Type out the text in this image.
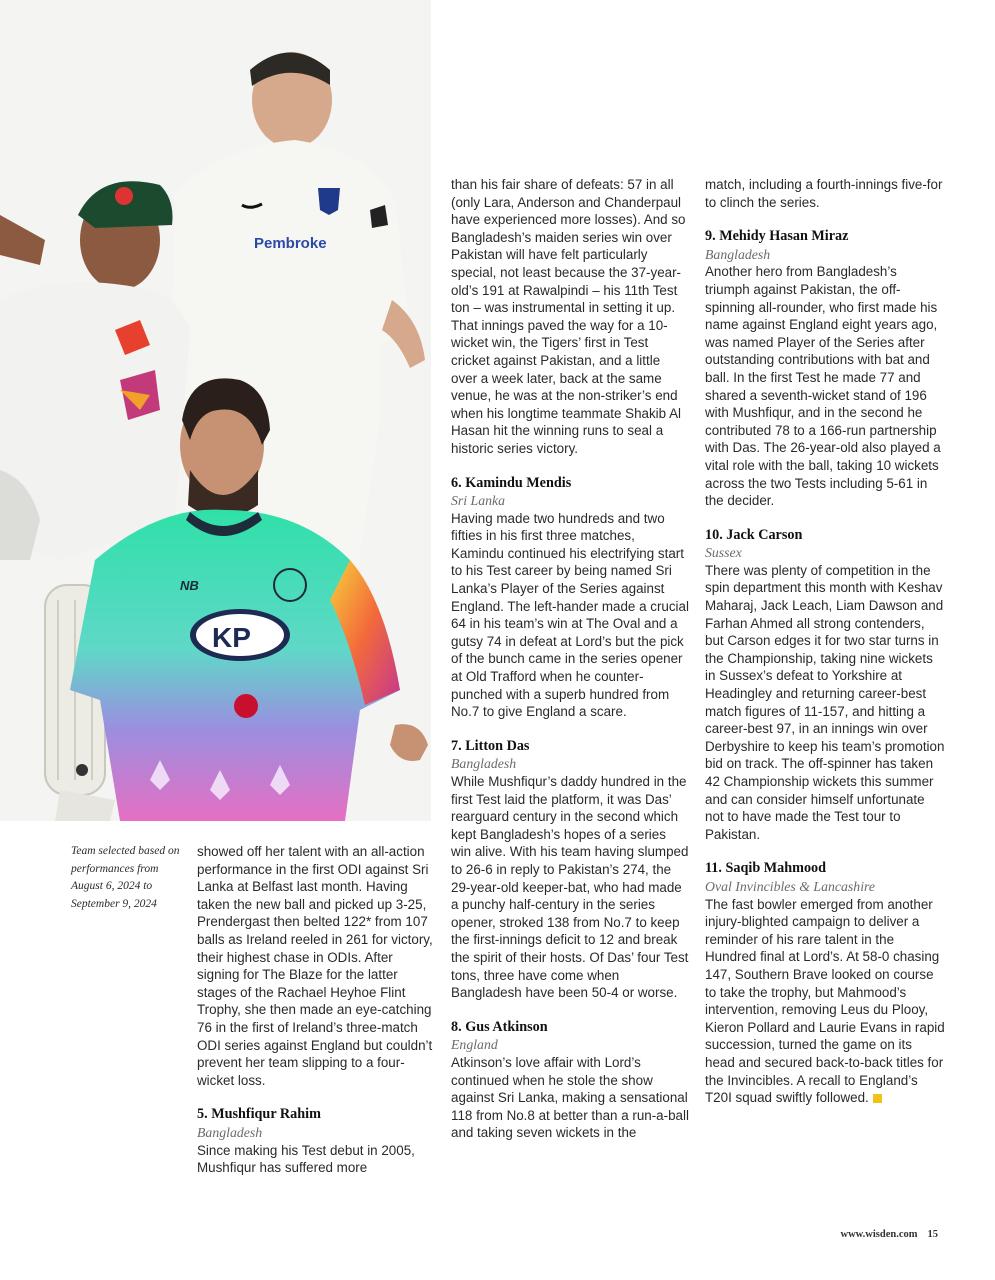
Pembroke
KP
NB
Team selected based on performances from August 6, 2024 to September 9, 2024

showed off her talent with an all-action performance in the first ODI against Sri Lanka at Belfast last month. Having taken the new ball and picked up 3-25, Prendergast then belted 122* from 107 balls as Ireland reeled in 261 for victory, their highest chase in ODIs. After signing for The Blaze for the latter stages of the Rachael Heyhoe Flint Trophy, she then made an eye-catching 76 in the first of Ireland’s three-match ODI series against England but couldn’t prevent her team slipping to a four-wicket loss.

5. Mushfiqur Rahim

Bangladesh

Since making his Test debut in 2005, Mushfiqur has suffered more

than his fair share of defeats: 57 in all (only Lara, Anderson and Chanderpaul have experienced more losses). And so Bangladesh’s maiden series win over Pakistan will have felt particularly special, not least because the 37-year-old’s 191 at Rawalpindi – his 11th Test ton – was instrumental in setting it up. That innings paved the way for a 10-wicket win, the Tigers’ first in Test cricket against Pakistan, and a little over a week later, back at the same venue, he was at the non-striker’s end when his longtime teammate Shakib Al Hasan hit the winning runs to seal a historic series victory.

6. Kamindu Mendis

Sri Lanka

Having made two hundreds and two fifties in his first three matches, Kamindu continued his electrifying start to his Test career by being named Sri Lanka’s Player of the Series against England. The left-hander made a crucial 64 in his team’s win at The Oval and a gutsy 74 in defeat at Lord’s but the pick of the bunch came in the series opener at Old Trafford when he counter-punched with a superb hundred from No.7 to give England a scare.

7. Litton Das

Bangladesh

While Mushfiqur’s daddy hundred in the first Test laid the platform, it was Das’ rearguard century in the second which kept Bangladesh’s hopes of a series win alive. With his team having slumped to 26-6 in reply to Pakistan’s 274, the 29-year-old keeper-bat, who had made a punchy half-century in the series opener, stroked 138 from No.7 to keep the first-innings deficit to 12 and break the spirit of their hosts. Of Das’ four Test tons, three have come when Bangladesh have been 50-4 or worse.

8. Gus Atkinson

England

Atkinson’s love affair with Lord’s continued when he stole the show against Sri Lanka, making a sensational 118 from No.8 at better than a run-a-ball and taking seven wickets in the

match, including a fourth-innings five-for to clinch the series.

9. Mehidy Hasan Miraz

Bangladesh

Another hero from Bangladesh’s triumph against Pakistan, the off-spinning all-rounder, who first made his name against England eight years ago, was named Player of the Series after outstanding contributions with bat and ball. In the first Test he made 77 and shared a seventh-wicket stand of 196 with Mushfiqur, and in the second he contributed 78 to a 166-run partnership with Das. The 26-year-old also played a vital role with the ball, taking 10 wickets across the two Tests including 5-61 in the decider.

10. Jack Carson

Sussex

There was plenty of competition in the spin department this month with Keshav Maharaj, Jack Leach, Liam Dawson and Farhan Ahmed all strong contenders, but Carson edges it for two star turns in the Championship, taking nine wickets in Sussex’s defeat to Yorkshire at Headingley and returning career-best match figures of 11-157, and hitting a career-best 97, in an innings win over Derbyshire to keep his team’s promotion bid on track. The off-spinner has taken 42 Championship wickets this summer and can consider himself unfortunate not to have made the Test tour to Pakistan.

11. Saqib Mahmood

Oval Invincibles & Lancashire

The fast bowler emerged from another injury-blighted campaign to deliver a reminder of his rare talent in the Hundred final at Lord’s. At 58-0 chasing 147, Southern Brave looked on course to take the trophy, but Mahmood’s intervention, removing Leus du Plooy, Kieron Pollard and Laurie Evans in rapid succession, turned the game on its head and secured back-to-back titles for the Invincibles. A recall to England’s T20I squad swiftly followed.

www.wisden.com 15
